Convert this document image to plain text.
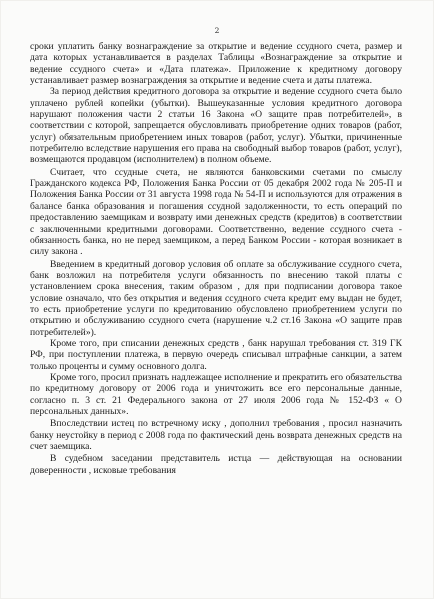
2

сроки уплатить банку вознаграждение за открытие и ведение ссудного счета, размер и дата которых устанавливается в разделах Таблицы «Вознаграждение за открытие и ведение ссудного счета» и «Дата платежа». Приложение к кредитному договору устанавливает размер вознаграждения за открытие и ведение счета и даты платежа.

За период действия кредитного договора за открытие и ведение ссудного счета было уплачено рублей копейки (убытки). Вышеуказанные условия кредитного договора нарушают положения части 2 статьи 16 Закона «О защите прав потребителей», в соответствии с которой, запрещается обусловливать приобретение одних товаров (работ, услуг) обязательным приобретением иных товаров (работ, услуг). Убытки, причиненные потребителю вследствие нарушения его права на свободный выбор товаров (работ, услуг), возмещаются продавцом (исполнителем) в полном объеме.

Считает, что ссудные счета, не являются банковскими счетами по смыслу Гражданского кодекса РФ, Положения Банка России от 05 декабря 2002 года № 205-П и Положения Банка России от 31 августа 1998 года № 54-П и используются для отражения в балансе банка образования и погашения ссудной задолженности, то есть операций по предоставлению заемщикам и возврату ими денежных средств (кредитов) в соответствии с заключенными кредитными договорами. Соответственно, ведение ссудного счета - обязанность банка, но не перед заемщиком, а перед Банком России - которая возникает в силу закона .

Введением в кредитный договор условия об оплате за обслуживание ссудного счета, банк возложил на потребителя услуги обязанность по внесению такой платы с установлением срока внесения, таким образом , для при подписании договора такое условие означало, что без открытия и ведения ссудного счета кредит ему выдан не будет, то есть приобретение услуги по кредитованию обусловлено приобретением услуги по открытию и обслуживанию ссудного счета (нарушение ч.2 ст.16 Закона «О защите прав потребителей»).

Кроме того, при списании денежных средств , банк нарушал требования ст. 319 ГК РФ, при поступлении платежа, в первую очередь списывал штрафные санкции, а затем только проценты и сумму основного долга.

Кроме того, просил признать надлежащее исполнение и прекратить его обязательства по кредитному договору от 2006 года и уничтожить все его персональные данные, согласно п. 3 ст. 21 Федерального закона от 27 июля 2006 года № 152-ФЗ « О персональных данных».

Впоследствии истец по встречному иску , дополнил требования , просил назначить банку неустойку в период с 2008 года по фактический день возврата денежных средств на счет заемщика.

В судебном заседании представитель истца — действующая на основании доверенности , исковые требования
